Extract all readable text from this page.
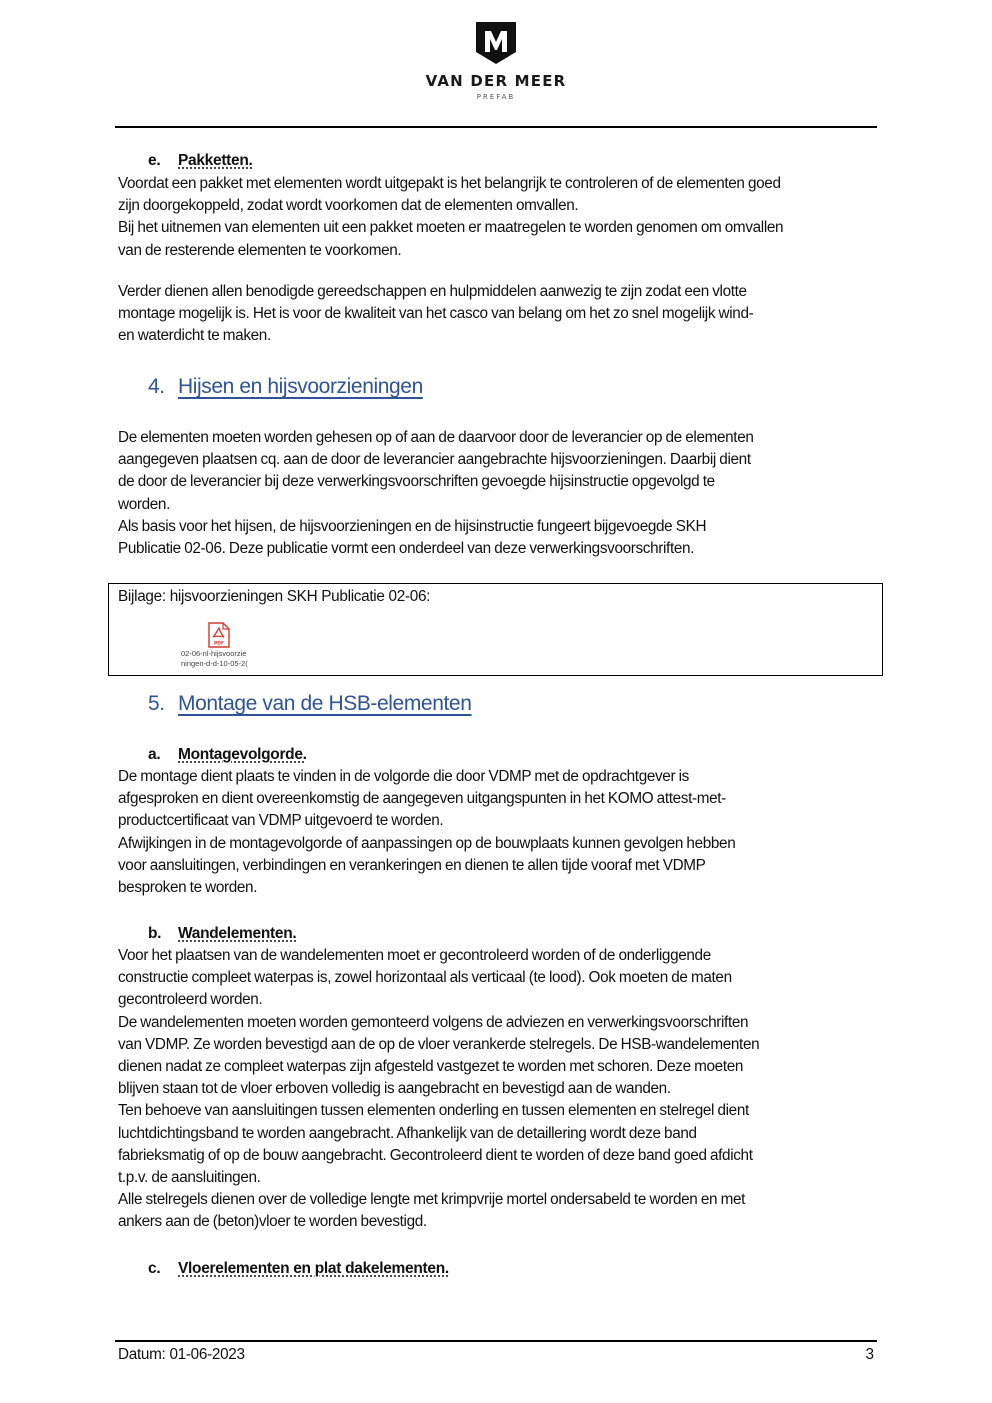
VAN DER MEER
PREFAB
e. Pakketten.
Voordat een pakket met elementen wordt uitgepakt is het belangrijk te controleren of de elementen goed
zijn doorgekoppeld, zodat wordt voorkomen dat de elementen omvallen.
Bij het uitnemen van elementen uit een pakket moeten er maatregelen te worden genomen om omvallen
van de resterende elementen te voorkomen.
Verder dienen allen benodigde gereedschappen en hulpmiddelen aanwezig te zijn zodat een vlotte
montage mogelijk is. Het is voor de kwaliteit van het casco van belang om het zo snel mogelijk wind-
en waterdicht te maken.
4. Hijsen en hijsvoorzieningen
De elementen moeten worden gehesen op of aan de daarvoor door de leverancier op de elementen
aangegeven plaatsen cq. aan de door de leverancier aangebrachte hijsvoorzieningen. Daarbij dient
de door de leverancier bij deze verwerkingsvoorschriften gevoegde hijsinstructie opgevolgd te
worden.
Als basis voor het hijsen, de hijsvoorzieningen en de hijsinstructie fungeert bijgevoegde SKH
Publicatie 02-06. Deze publicatie vormt een onderdeel van deze verwerkingsvoorschriften.
Bijlage: hijsvoorzieningen SKH Publicatie 02-06:
PDF
02-06-nl-hijsvoorzie
ningen-d-d-10-05-2(
5. Montage van de HSB-elementen
a. Montagevolgorde.
De montage dient plaats te vinden in de volgorde die door VDMP met de opdrachtgever is
afgesproken en dient overeenkomstig de aangegeven uitgangspunten in het KOMO attest-met-
productcertificaat van VDMP uitgevoerd te worden.
Afwijkingen in de montagevolgorde of aanpassingen op de bouwplaats kunnen gevolgen hebben
voor aansluitingen, verbindingen en verankeringen en dienen te allen tijde vooraf met VDMP
besproken te worden.
b. Wandelementen.
Voor het plaatsen van de wandelementen moet er gecontroleerd worden of de onderliggende
constructie compleet waterpas is, zowel horizontaal als verticaal (te lood). Ook moeten de maten
gecontroleerd worden.
De wandelementen moeten worden gemonteerd volgens de adviezen en verwerkingsvoorschriften
van VDMP. Ze worden bevestigd aan de op de vloer verankerde stelregels. De HSB-wandelementen
dienen nadat ze compleet waterpas zijn afgesteld vastgezet te worden met schoren. Deze moeten
blijven staan tot de vloer erboven volledig is aangebracht en bevestigd aan de wanden.
Ten behoeve van aansluitingen tussen elementen onderling en tussen elementen en stelregel dient
luchtdichtingsband te worden aangebracht. Afhankelijk van de detaillering wordt deze band
fabrieksmatig of op de bouw aangebracht. Gecontroleerd dient te worden of deze band goed afdicht
t.p.v. de aansluitingen.
Alle stelregels dienen over de volledige lengte met krimpvrije mortel ondersabeld te worden en met
ankers aan de (beton)vloer te worden bevestigd.
c. Vloerelementen en plat dakelementen.
Datum: 01-06-2023	3
